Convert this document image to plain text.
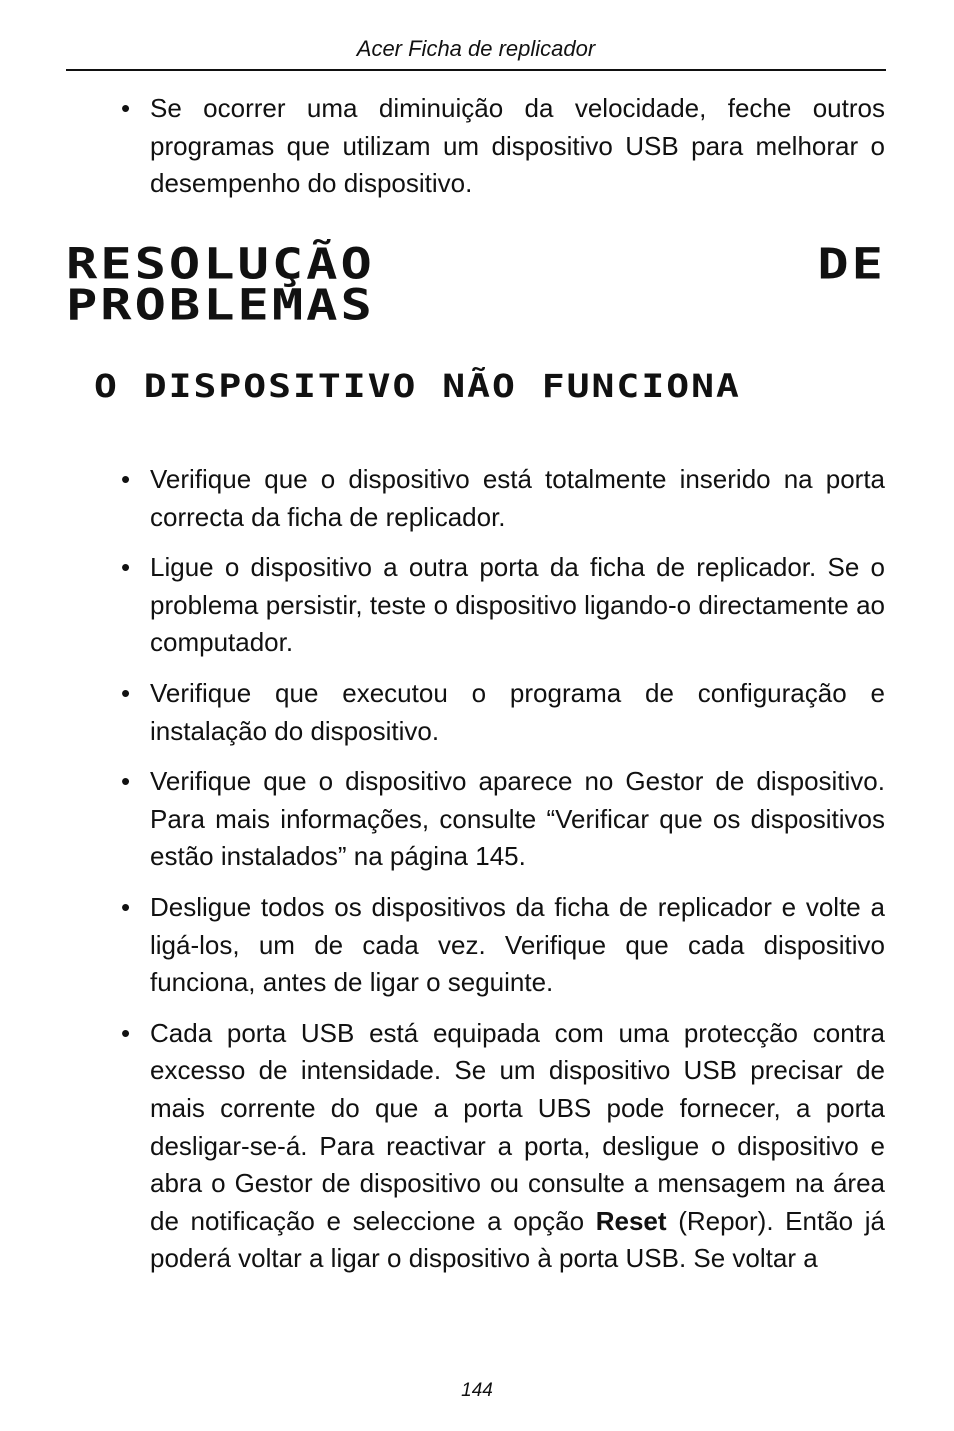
Acer Ficha de replicador
• Se ocorrer uma diminuição da velocidade, feche outros programas que utilizam um dispositivo USB para melhorar o desempenho do dispositivo.
RESOLUÇÃO	DE
PROBLEMAS
O DISPOSITIVO NÃO FUNCIONA
• Verifique que o dispositivo está totalmente inserido na porta correcta da ficha de replicador.
• Ligue o dispositivo a outra porta da ficha de replicador. Se o problema persistir, teste o dispositivo ligando-o directamente ao computador.
• Verifique que executou o programa de configuração e instalação do dispositivo.
• Verifique que o dispositivo aparece no Gestor de dispositivo. Para mais informações, consulte “Verificar que os dispositivos estão instalados” na página 145.
• Desligue todos os dispositivos da ficha de replicador e volte a ligá-los, um de cada vez. Verifique que cada dispositivo funciona, antes de ligar o seguinte.
• Cada porta USB está equipada com uma protecção contra excesso de intensidade. Se um dispositivo USB precisar de mais corrente do que a porta UBS pode fornecer, a porta desligar-se-á. Para reactivar a porta, desligue o dispositivo e abra o Gestor de dispositivo ou consulte a mensagem na área de notificação e seleccione a opção Reset (Repor). Então já poderá voltar a ligar o dispositivo à porta USB. Se voltar a
144
